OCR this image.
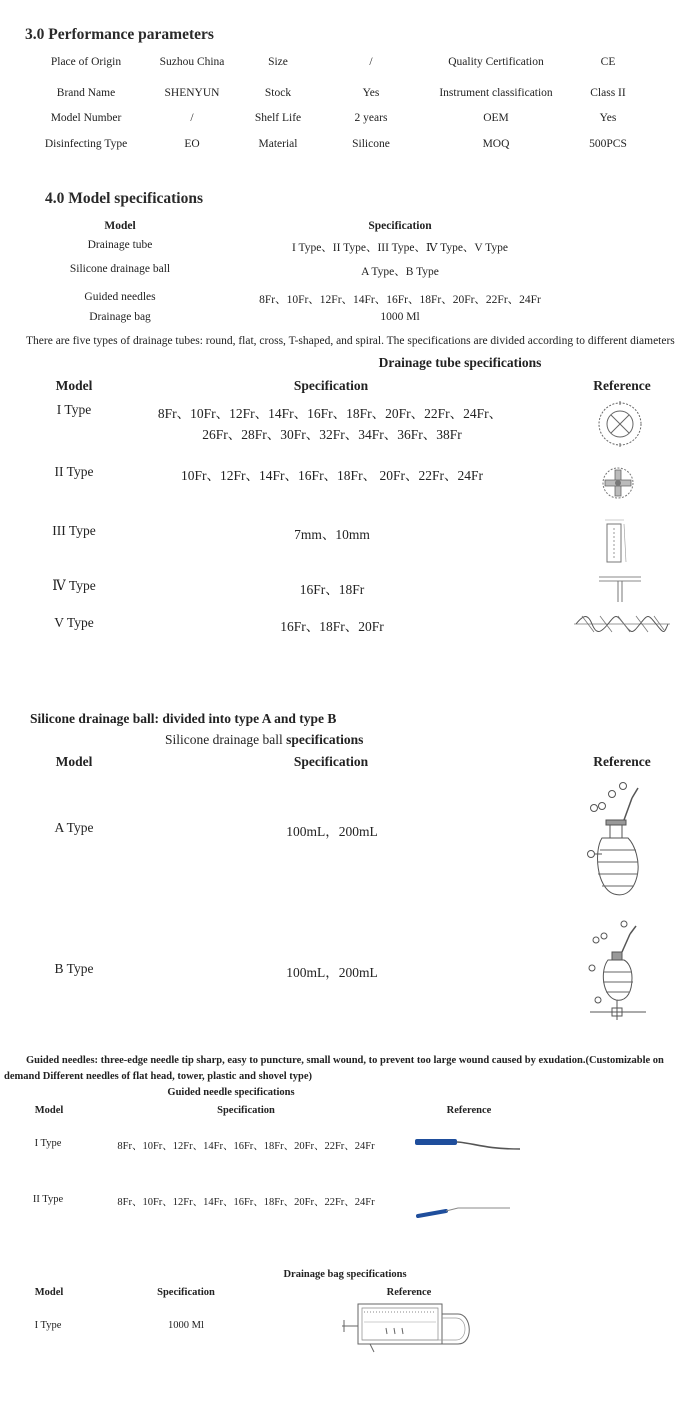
3.0 Performance parameters
Place of Origin	Suzhou China	Size	/	Quality Certification	CE
Brand Name	SHENYUN	Stock	Yes	Instrument classification	Class II
Model Number	/	Shelf Life	2 years	OEM	Yes
Disinfecting Type	EO	Material	Silicone	MOQ	500PCS
4.0 Model specifications
Model	Specification
Drainage tube	I Type、II Type、III Type、Ⅳ Type、V Type
Silicone drainage ball	A Type、B Type
Guided needles	8Fr、10Fr、12Fr、14Fr、16Fr、18Fr、20Fr、22Fr、24Fr
Drainage bag	1000 Ml
There are five types of drainage tubes: round, flat, cross, T-shaped, and spiral. The specifications are divided according to different diameters
Drainage tube specifications
Model	Specification	Reference
I Type	8Fr、10Fr、12Fr、14Fr、16Fr、18Fr、20Fr、22Fr、24Fr、
26Fr、28Fr、30Fr、32Fr、34Fr、36Fr、38Fr
II Type	10Fr、12Fr、14Fr、16Fr、18Fr、 20Fr、22Fr、24Fr
III Type	7mm、10mm
Ⅳ Type	16Fr、18Fr
V Type	16Fr、18Fr、20Fr
Silicone drainage ball: divided into type A and type B
Silicone drainage ball specifications
Model	Specification	Reference
A Type	100mL，200mL
B Type	100mL，200mL
Guided needles: three-edge needle tip sharp, easy to puncture, small wound, to prevent too large wound caused by exudation.(Customizable on
demand Different needles of flat head, tower, plastic and shovel type)
Guided needle specifications
Model	Specification	Reference
I Type	8Fr、10Fr、12Fr、14Fr、16Fr、18Fr、20Fr、22Fr、24Fr
II Type	8Fr、10Fr、12Fr、14Fr、16Fr、18Fr、20Fr、22Fr、24Fr
Drainage bag specifications
Model	Specification	Reference
I Type	1000 Ml
